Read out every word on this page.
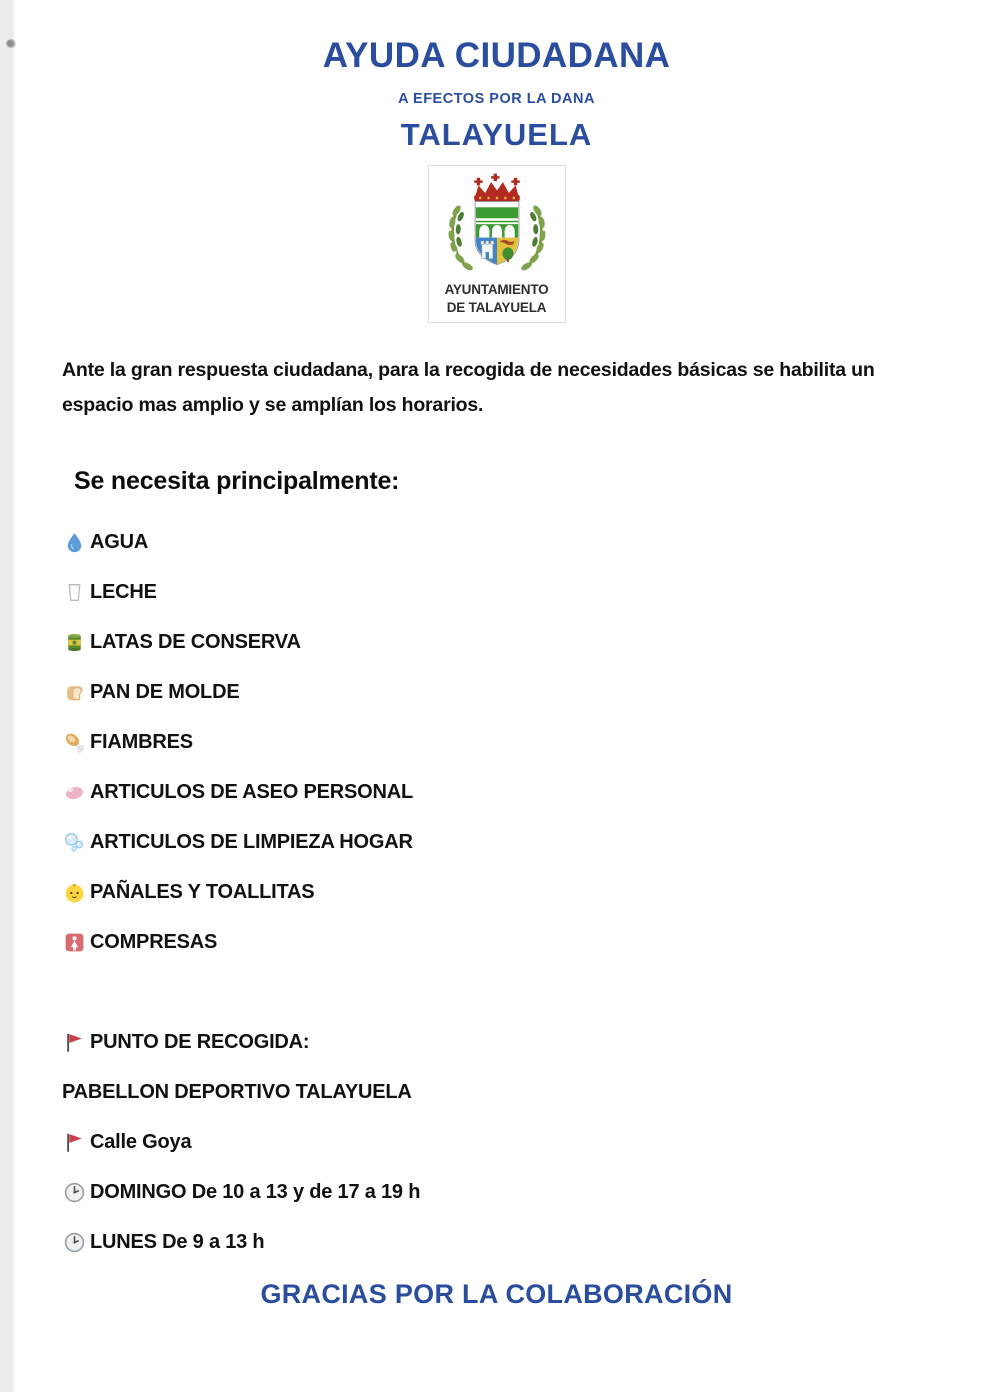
AYUDA CIUDADANA
A EFECTOS POR LA DANA
TALAYUELA
AYUNTAMIENTO
DE TALAYUELA

Ante la gran respuesta ciudadana, para la recogida de necesidades básicas se habilita un espacio mas amplio y se amplían los horarios.

Se necesita principalmente:
AGUA
LECHE
LATAS DE CONSERVA
PAN DE MOLDE
FIAMBRES
ARTICULOS DE ASEO PERSONAL
ARTICULOS DE LIMPIEZA HOGAR
PAÑALES Y TOALLITAS
COMPRESAS
PUNTO DE RECOGIDA:
PABELLON DEPORTIVO TALAYUELA
Calle Goya
DOMINGO De 10 a 13 y de 17 a 19 h
LUNES De 9 a 13 h
GRACIAS POR LA COLABORACIÓN
